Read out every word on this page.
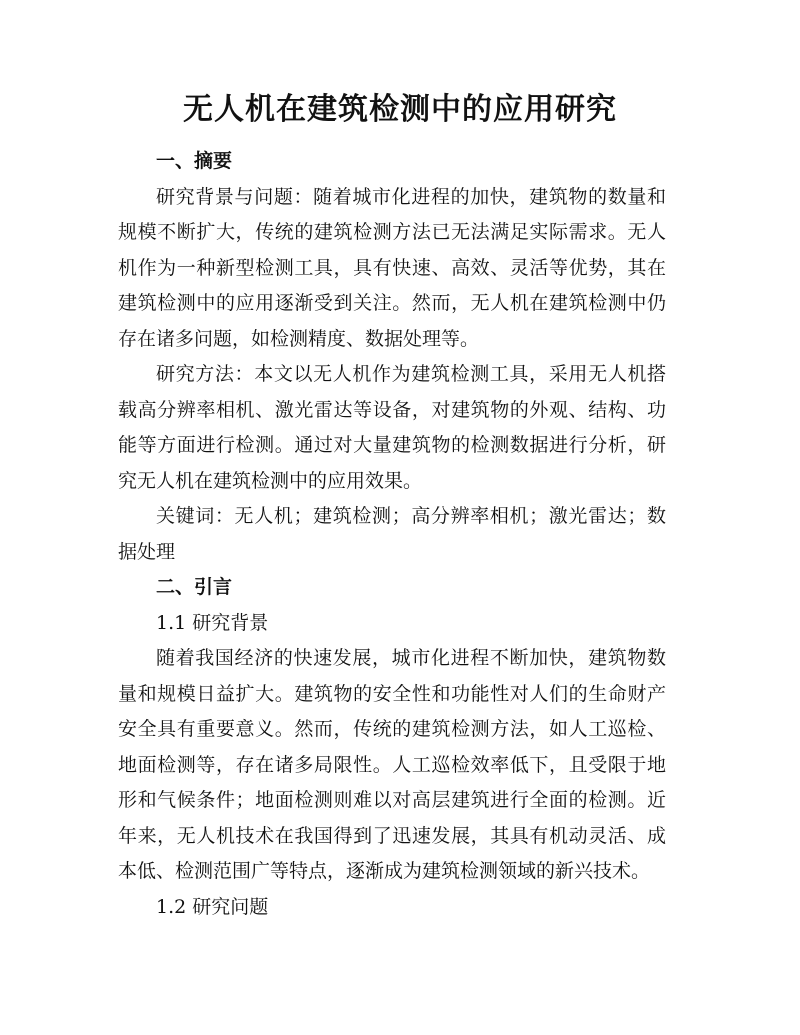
无人机在建筑检测中的应用研究
一、摘要

研究背景与问题：随着城市化进程的加快，建筑物的数量和规模不断扩大，传统的建筑检测方法已无法满足实际需求。无人机作为一种新型检测工具，具有快速、高效、灵活等优势，其在建筑检测中的应用逐渐受到关注。然而，无人机在建筑检测中仍存在诸多问题，如检测精度、数据处理等。

研究方法：本文以无人机作为建筑检测工具，采用无人机搭载高分辨率相机、激光雷达等设备，对建筑物的外观、结构、功能等方面进行检测。通过对大量建筑物的检测数据进行分析，研究无人机在建筑检测中的应用效果。

关键词：无人机；建筑检测；高分辨率相机；激光雷达；数据处理

二、引言
1.1 研究背景

随着我国经济的快速发展，城市化进程不断加快，建筑物数量和规模日益扩大。建筑物的安全性和功能性对人们的生命财产安全具有重要意义。然而，传统的建筑检测方法，如人工巡检、地面检测等，存在诸多局限性。人工巡检效率低下，且受限于地形和气候条件；地面检测则难以对高层建筑进行全面的检测。近年来，无人机技术在我国得到了迅速发展，其具有机动灵活、成本低、检测范围广等特点，逐渐成为建筑检测领域的新兴技术。

1.2 研究问题
